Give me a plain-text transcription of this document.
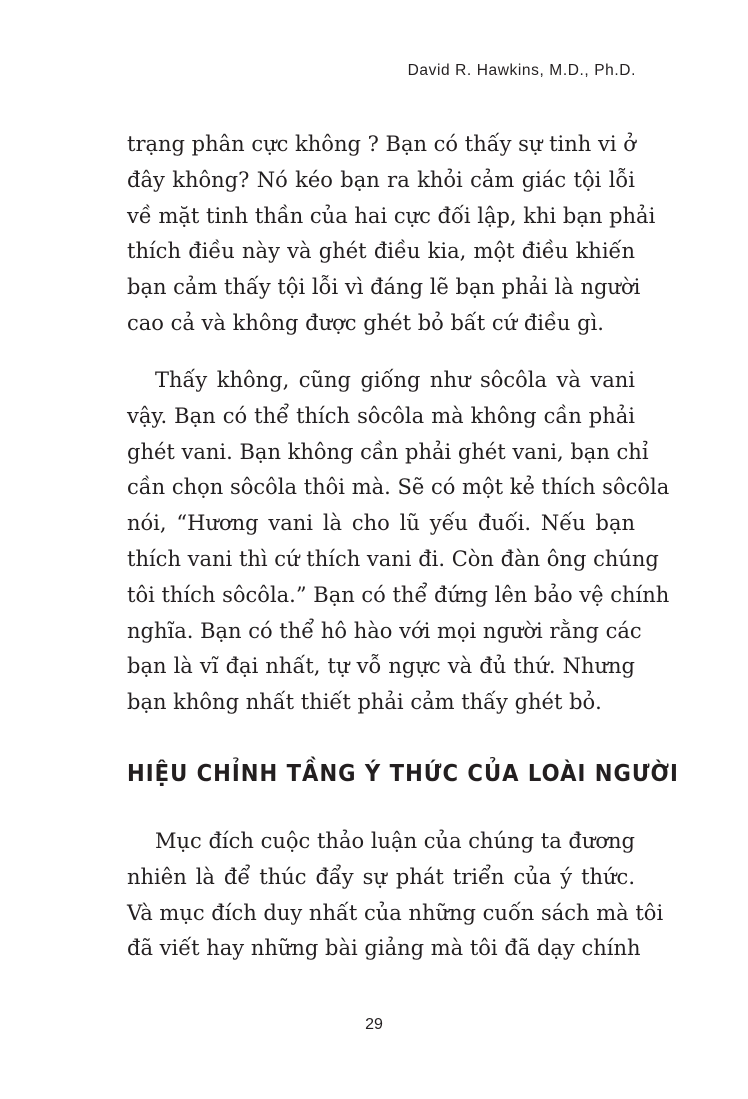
David R. Hawkins, M.D., Ph.D.
trạng phân cực không ? Bạn có thấy sự tinh vi ở
đây không? Nó kéo bạn ra khỏi cảm giác tội lỗi
về mặt tinh thần của hai cực đối lập, khi bạn phải
thích điều này và ghét điều kia, một điều khiến
bạn cảm thấy tội lỗi vì đáng lẽ bạn phải là người
cao cả và không được ghét bỏ bất cứ điều gì.
Thấy không, cũng giống như sôcôla và vani
vậy. Bạn có thể thích sôcôla mà không cần phải
ghét vani. Bạn không cần phải ghét vani, bạn chỉ
cần chọn sôcôla thôi mà. Sẽ có một kẻ thích sôcôla
nói, “Hương vani là cho lũ yếu đuối. Nếu bạn
thích vani thì cứ thích vani đi. Còn đàn ông chúng
tôi thích sôcôla.” Bạn có thể đứng lên bảo vệ chính
nghĩa. Bạn có thể hô hào với mọi người rằng các
bạn là vĩ đại nhất, tự vỗ ngực và đủ thứ. Nhưng
bạn không nhất thiết phải cảm thấy ghét bỏ.
HIỆU CHỈNH TẦNG Ý THỨC CỦA LOÀI NGƯỜI
Mục đích cuộc thảo luận của chúng ta đương
nhiên là để thúc đẩy sự phát triển của ý thức.
Và mục đích duy nhất của những cuốn sách mà tôi
đã viết hay những bài giảng mà tôi đã dạy chính
29
